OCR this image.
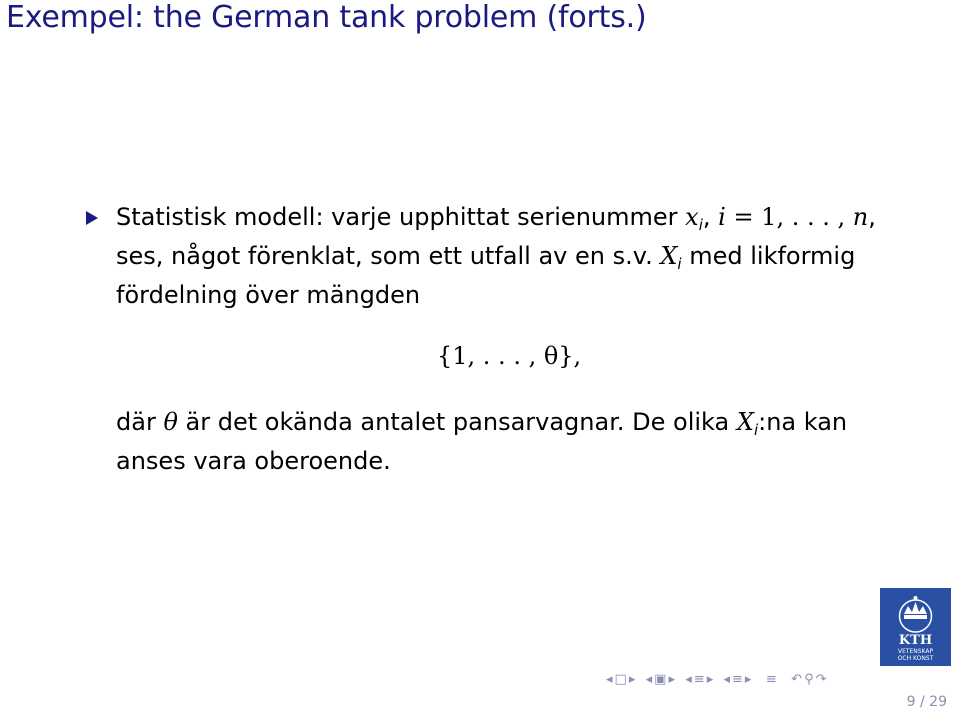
Exempel: the German tank problem (forts.)
Statistisk modell: varje upphittat serienummer $x_i$, i = 1, . . . , n,
ses, något förenklat, som ett utfall av en s.v. $X_i$ med likformig
fördelning över mängden
{1, . . . , θ},
där θ är det okända antalet pansarvagnar. De olika $X_i:na$ kan
anses vara oberoende.
KTH
VETENSKAP
OCH KONST
◂ □ ▸ ◂ ▣ ▸ ◂ ≡ ▸ ◂ ≡ ▸ ≡ ↶ ⚲ ↷
9 / 29
